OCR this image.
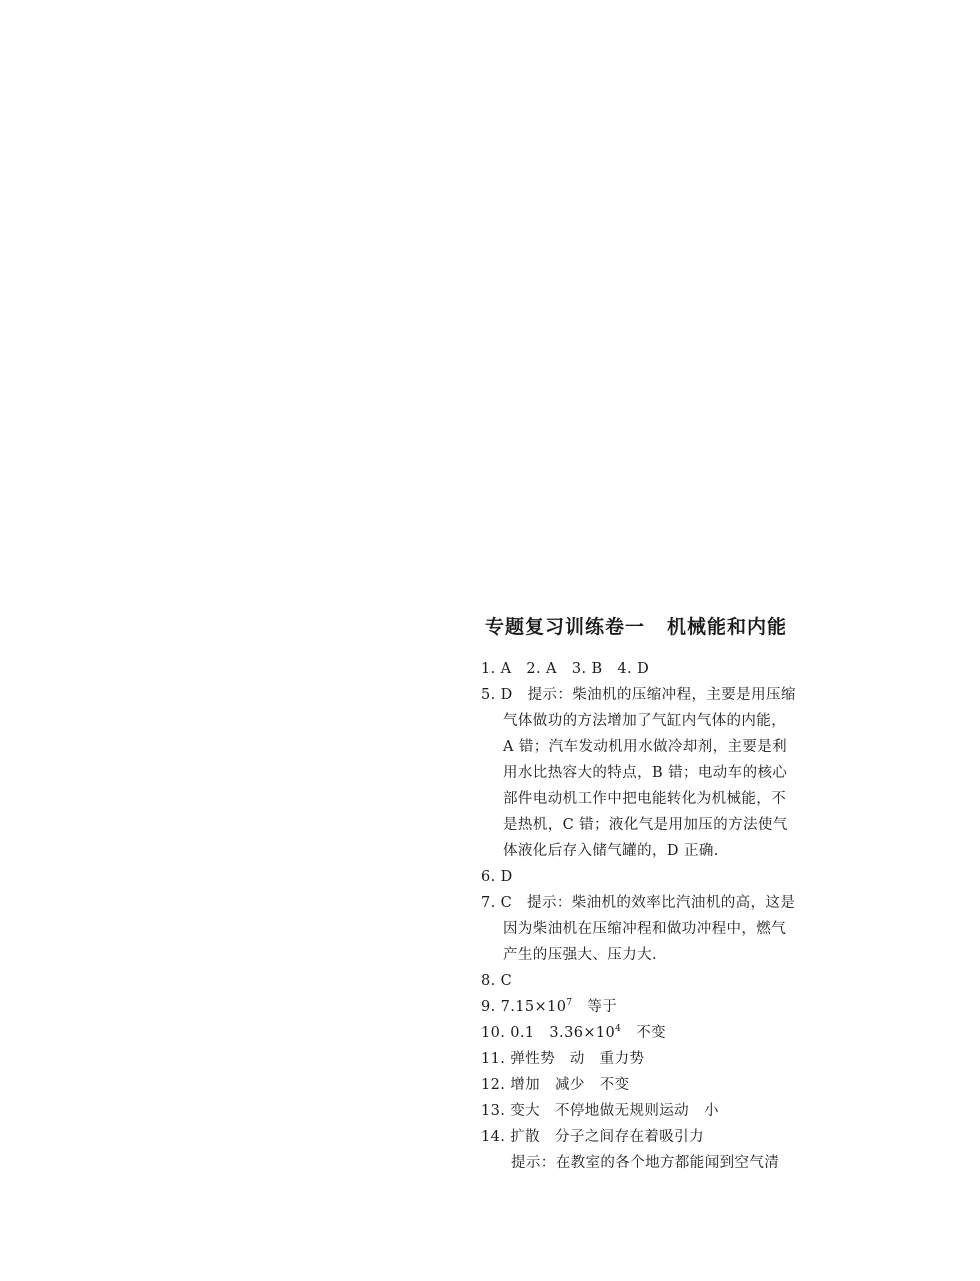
专题复习训练卷一 机械能和内能
1. A　2. A　3. B　4. D
5. D　提示：柴油机的压缩冲程，主要是用压缩
气体做功的方法增加了气缸内气体的内能，
A 错；汽车发动机用水做冷却剂，主要是利
用水比热容大的特点，B 错；电动车的核心
部件电动机工作中把电能转化为机械能，不
是热机，C 错；液化气是用加压的方法使气
体液化后存入储气罐的，D 正确.
6. D
7. C　提示：柴油机的效率比汽油机的高，这是
因为柴油机在压缩冲程和做功冲程中，燃气
产生的压强大、压力大.
8. C
9. $7.15\times 10^7$　等于
10. 0.1　$3.36\times 10^4$　不变
11. 弹性势　动　重力势
12. 增加　减少　不变
13. 变大　不停地做无规则运动　小
14. 扩散　分子之间存在着吸引力
提示：在教室的各个地方都能闻到空气清
